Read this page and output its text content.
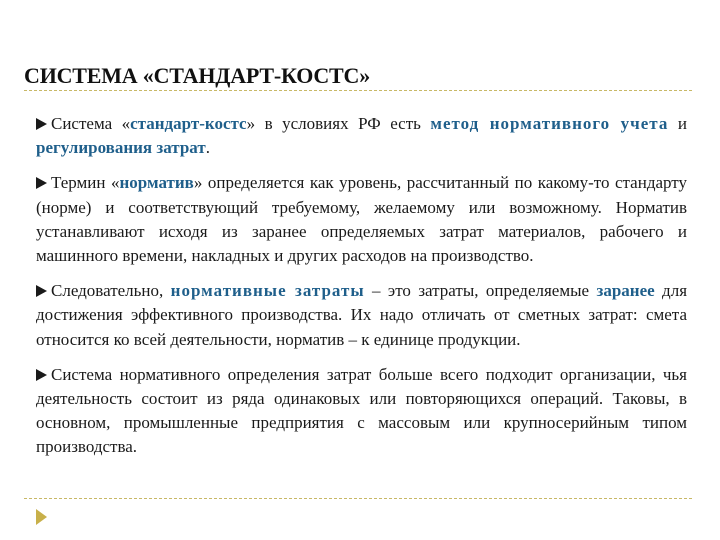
СИСТЕМА «СТАНДАРТ-КОСТС»

Система «стандарт-костс» в условиях РФ есть метод нормативного учета и регулирования затрат.

Термин «норматив» определяется как уровень, рассчитанный по какому-то стандарту (норме) и соответствующий требуемому, желаемому или возможному. Норматив устанавливают исходя из заранее определяемых затрат материалов, рабочего и машинного времени, накладных и других расходов на производство.

Следовательно, нормативные затраты – это затраты, определяемые заранее для достижения эффективного производства. Их надо отличать от сметных затрат: смета относится ко всей деятельности, норматив – к единице продукции.

Система нормативного определения затрат больше всего подходит организации, чья деятельность состоит из ряда одинаковых или повторяющихся операций. Таковы, в основном, промышленные предприятия с массовым или крупносерийным типом производства.
